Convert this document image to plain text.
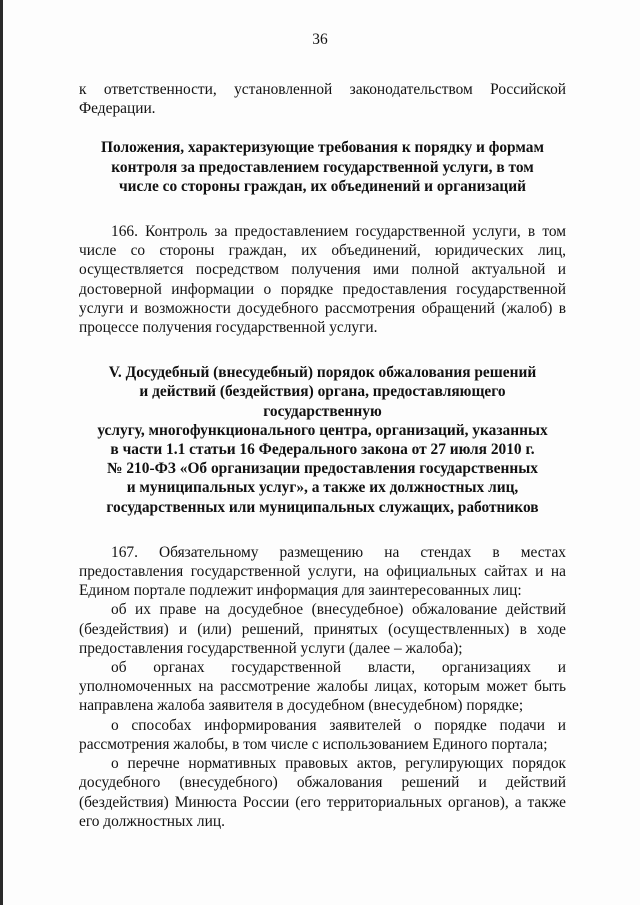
36

к ответственности, установленной законодательством Российской Федерации.

Положения, характеризующие требования к порядку и формам
контроля за предоставлением государственной услуги, в том
числе со стороны граждан, их объединений и организаций

166. Контроль за предоставлением государственной услуги, в том числе со стороны граждан, их объединений, юридических лиц, осуществляется посредством получения ими полной актуальной и достоверной информации о порядке предоставления государственной услуги и возможности досудебного рассмотрения обращений (жалоб) в процессе получения государственной услуги.

V. Досудебный (внесудебный) порядок обжалования решений
и действий (бездействия) органа, предоставляющего государственную
услугу, многофункционального центра, организаций, указанных
в части 1.1 статьи 16 Федерального закона от 27 июля 2010 г.
№ 210-ФЗ «Об организации предоставления государственных
и муниципальных услуг», а также их должностных лиц,
государственных или муниципальных служащих, работников

167. Обязательному размещению на стендах в местах предоставления государственной услуги, на официальных сайтах и на Едином портале подлежит информация для заинтересованных лиц:

об их праве на досудебное (внесудебное) обжалование действий (бездействия) и (или) решений, принятых (осуществленных) в ходе предоставления государственной услуги (далее – жалоба);

об органах государственной власти, организациях и уполномоченных на рассмотрение жалобы лицах, которым может быть направлена жалоба заявителя в досудебном (внесудебном) порядке;

о способах информирования заявителей о порядке подачи и рассмотрения жалобы, в том числе с использованием Единого портала;

о перечне нормативных правовых актов, регулирующих порядок досудебного (внесудебного) обжалования решений и действий (бездействия) Минюста России (его территориальных органов), а также его должностных лиц.
